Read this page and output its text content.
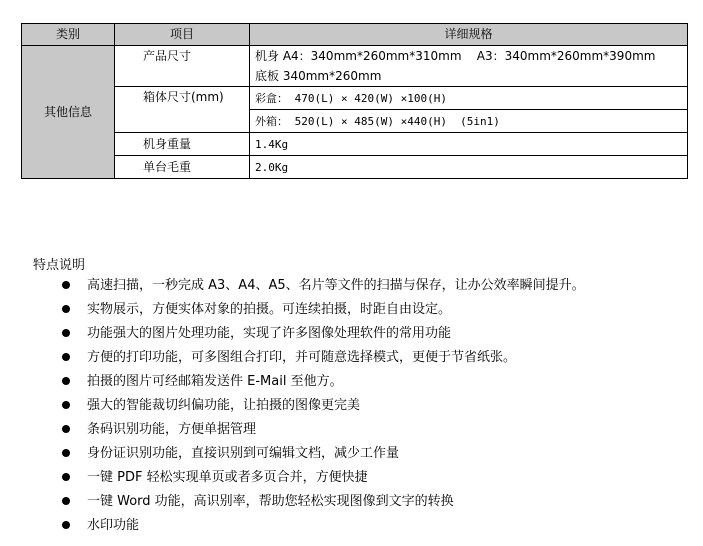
类别	项目	详细规格
其他信息	产品尺寸	机身 A4：340mm*260mm*310mm    A3：340mm*260mm*390mm
底板 340mm*260mm

	箱体尺寸(mm)	彩盒： 470(L) × 420(W) ×100(H)
		外箱： 520(L) × 485(W) ×440(H)  (5in1)
	机身重量	1.4Kg
	单台毛重	2.0Kg

特点说明

高速扫描，一秒完成 A3、A4、A5、名片等文件的扫描与保存，让办公效率瞬间提升。
实物展示，方便实体对象的拍摄。可连续拍摄，时距自由设定。
功能强大的图片处理功能，实现了许多图像处理软件的常用功能
方便的打印功能，可多图组合打印，并可随意选择模式，更便于节省纸张。
拍摄的图片可经邮箱发送件 E-Mail 至他方。
强大的智能裁切纠偏功能，让拍摄的图像更完美
条码识别功能，方便单据管理
身份证识别功能，直接识别到可编辑文档，减少工作量
一键 PDF 轻松实现单页或者多页合并，方便快捷
一键 Word 功能，高识别率，帮助您轻松实现图像到文字的转换
水印功能
